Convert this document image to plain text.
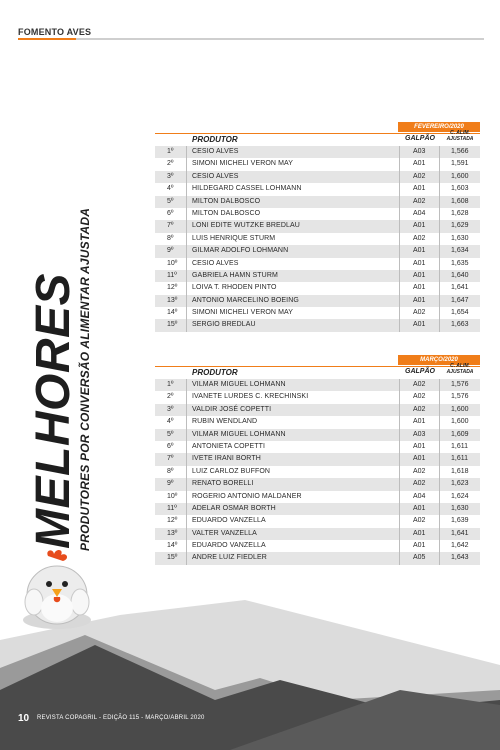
FOMENTO AVES
MELHORES
PRODUTORES POR CONVERSÃO ALIMENTAR AJUSTADA
FEVEREIRO/2020
PRODUTOR	GALPÃO
C. ALIM. AJUSTADA
1º	CESIO ALVES	A03	1,566
2º	SIMONI MICHELI VERON MAY	A01	1,591
3º	CESIO ALVES	A02	1,600
4º	HILDEGARD CASSEL LOHMANN	A01	1,603
5º	MILTON DALBOSCO	A02	1,608
6º	MILTON DALBOSCO	A04	1,628
7º	LONI EDITE WUTZKE BREDLAU	A01	1,629
8º	LUIS HENRIQUE STURM	A02	1,630
9º	GILMAR ADOLFO LOHMANN	A01	1,634
10º CESIO ALVES	A01	1,635
11º GABRIELA HAMN STURM	A01	1,640
12º LOIVA T. RHODEN PINTO	A01	1,641
13º ANTONIO MARCELINO BOEING	A01	1,647
14º SIMONI MICHELI VERON MAY	A02	1,654
15º SERGIO BREDLAU	A01	1,663
MARÇO/2020
PRODUTOR	GALPÃO
C. ALIM. AJUSTADA
1º	VILMAR MIGUEL LOHMANN	A02	1,576
2º	IVANETE LURDES C. KRECHINSKI	A02	1,576
3º	VALDIR JOSÉ COPETTI	A02	1,600
4º	RUBIN WENDLAND	A01	1,600
5º	VILMAR MIGUEL LOHMANN	A03	1,609
6º	ANTONIETA COPETTI	A01	1,611
7º	IVETE IRANI BORTH	A01	1,611
8º	LUIZ CARLOZ BUFFON	A02	1,618
9º	RENATO BORELLI	A02	1,623
10º ROGERIO ANTONIO MALDANER	A04	1,624
11º ADELAR OSMAR BORTH	A01	1,630
12º EDUARDO VANZELLA	A02	1,639
13º VALTER VANZELLA	A01	1,641
14º EDUARDO VANZELLA	A01	1,642
15º ANDRE LUIZ FIEDLER	A05	1,643
10 REVISTA COPAGRIL - EDIÇÃO 115 - MARÇO/ABRIL 2020
